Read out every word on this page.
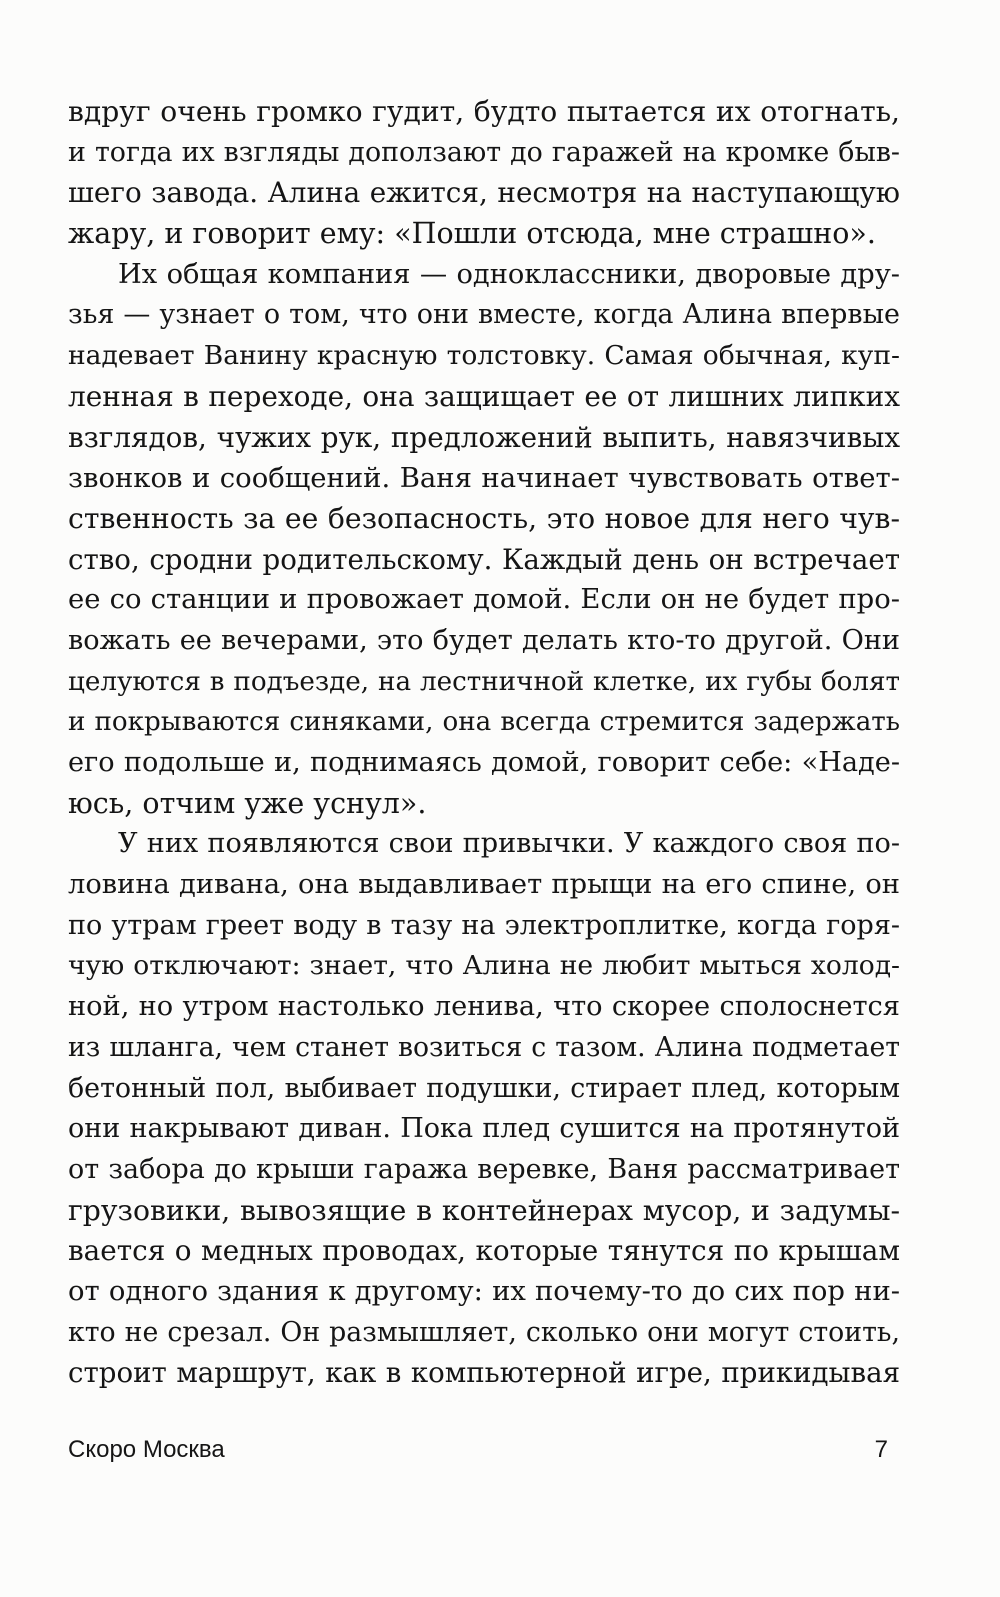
вдруг очень громко гудит, будто пытается их отогнать,
и тогда их взгляды доползают до гаражей на кромке быв-
шего завода. Алина ежится, несмотря на наступающую
жару, и говорит ему: «Пошли отсюда, мне страшно».
Их общая компания — одноклассники, дворовые дру-
зья — узнает о том, что они вместе, когда Алина впервые
надевает Ванину красную толстовку. Самая обычная, куп-
ленная в переходе, она защищает ее от лишних липких
взглядов, чужих рук, предложений выпить, навязчивых
звонков и сообщений. Ваня начинает чувствовать ответ-
ственность за ее безопасность, это новое для него чув-
ство, сродни родительскому. Каждый день он встречает
ее со станции и провожает домой. Если он не будет про-
вожать ее вечерами, это будет делать кто-то другой. Они
целуются в подъезде, на лестничной клетке, их губы болят
и покрываются синяками, она всегда стремится задержать
его подольше и, поднимаясь домой, говорит себе: «Наде-
юсь, отчим уже уснул».
У них появляются свои привычки. У каждого своя по-
ловина дивана, она выдавливает прыщи на его спине, он
по утрам греет воду в тазу на электроплитке, когда горя-
чую отключают: знает, что Алина не любит мыться холод-
ной, но утром настолько ленива, что скорее сполоснется
из шланга, чем станет возиться с тазом. Алина подметает
бетонный пол, выбивает подушки, стирает плед, которым
они накрывают диван. Пока плед сушится на протянутой
от забора до крыши гаража веревке, Ваня рассматривает
грузовики, вывозящие в контейнерах мусор, и задумы-
вается о медных проводах, которые тянутся по крышам
от одного здания к другому: их почему-то до сих пор ни-
кто не срезал. Он размышляет, сколько они могут стоить,
строит маршрут, как в компьютерной игре, прикидывая
Скоро Москва	7
